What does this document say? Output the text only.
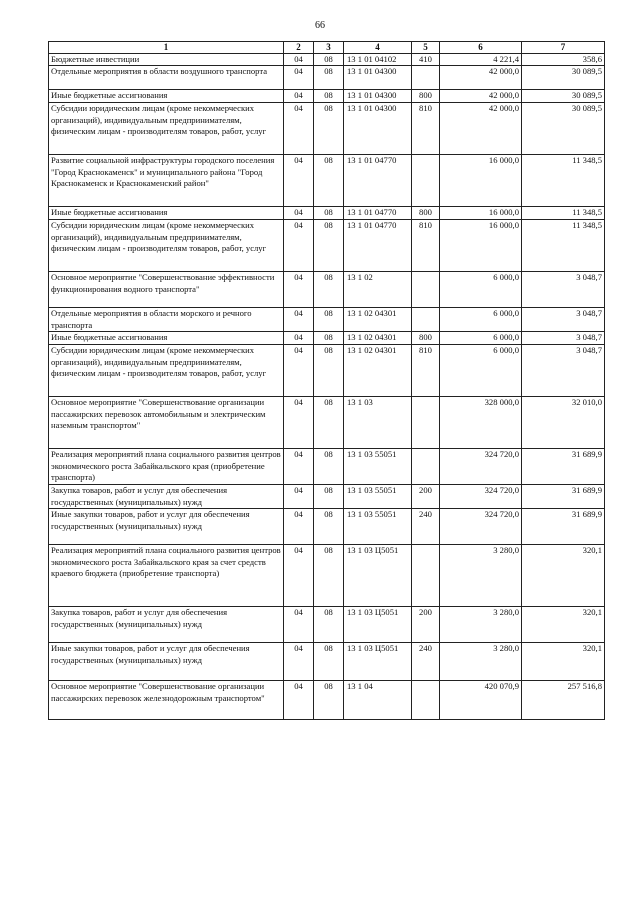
66
1	2	3	4	5	6	7
Бюджетные инвестиции	04	08	13 1 01 04102	410	4 221,4	358,6
Отдельные мероприятия в области воздушного транспорта	04	08	13 1 01 04300		42 000,0	30 089,5
Иные бюджетные ассигнования	04	08	13 1 01 04300	800	42 000,0	30 089,5
Субсидии юридическим лицам (кроме некоммерческих организаций), индивидуальным предпринимателям, физическим лицам - производителям товаров, работ, услуг	04	08	13 1 01 04300	810	42 000,0	30 089,5
Развитие социальной инфраструктуры городского поселения "Город Краснокаменск" и муниципального района "Город Краснокаменск и Краснокаменский район"	04	08	13 1 01 04770		16 000,0	11 348,5
Иные бюджетные ассигнования	04	08	13 1 01 04770	800	16 000,0	11 348,5
Субсидии юридическим лицам (кроме некоммерческих организаций), индивидуальным предпринимателям, физическим лицам - производителям товаров, работ, услуг	04	08	13 1 01 04770	810	16 000,0	11 348,5
Основное мероприятие "Совершенствование эффективности функционирования водного транспорта"	04	08	13 1 02		6 000,0	3 048,7
Отдельные мероприятия в области морского и речного транспорта	04	08	13 1 02 04301		6 000,0	3 048,7
Иные бюджетные ассигнования	04	08	13 1 02 04301	800	6 000,0	3 048,7
Субсидии юридическим лицам (кроме некоммерческих организаций), индивидуальным предпринимателям, физическим лицам - производителям товаров, работ, услуг	04	08	13 1 02 04301	810	6 000,0	3 048,7
Основное мероприятие "Совершенствование организации пассажирских перевозок автомобильным и электрическим наземным транспортом"	04	08	13 1 03		328 000,0	32 010,0
Реализация мероприятий плана социального развития центров экономического роста Забайкальского края (приобретение транспорта)	04	08	13 1 03 55051		324 720,0	31 689,9
Закупка товаров, работ и услуг для обеспечения государственных (муниципальных) нужд	04	08	13 1 03 55051	200	324 720,0	31 689,9
Иные закупки товаров, работ и услуг для обеспечения государственных (муниципальных) нужд	04	08	13 1 03 55051	240	324 720,0	31 689,9
Реализация мероприятий плана социального развития центров экономического роста Забайкальского края за счет средств краевого бюджета (приобретение транспорта)	04	08	13 1 03 Ц5051		3 280,0	320,1
Закупка товаров, работ и услуг для обеспечения государственных (муниципальных) нужд	04	08	13 1 03 Ц5051	200	3 280,0	320,1
Иные закупки товаров, работ и услуг для обеспечения государственных (муниципальных) нужд	04	08	13 1 03 Ц5051	240	3 280,0	320,1
Основное мероприятие "Совершенствование организации пассажирских перевозок железнодорожным транспортом"	04	08	13 1 04		420 070,9	257 516,8
